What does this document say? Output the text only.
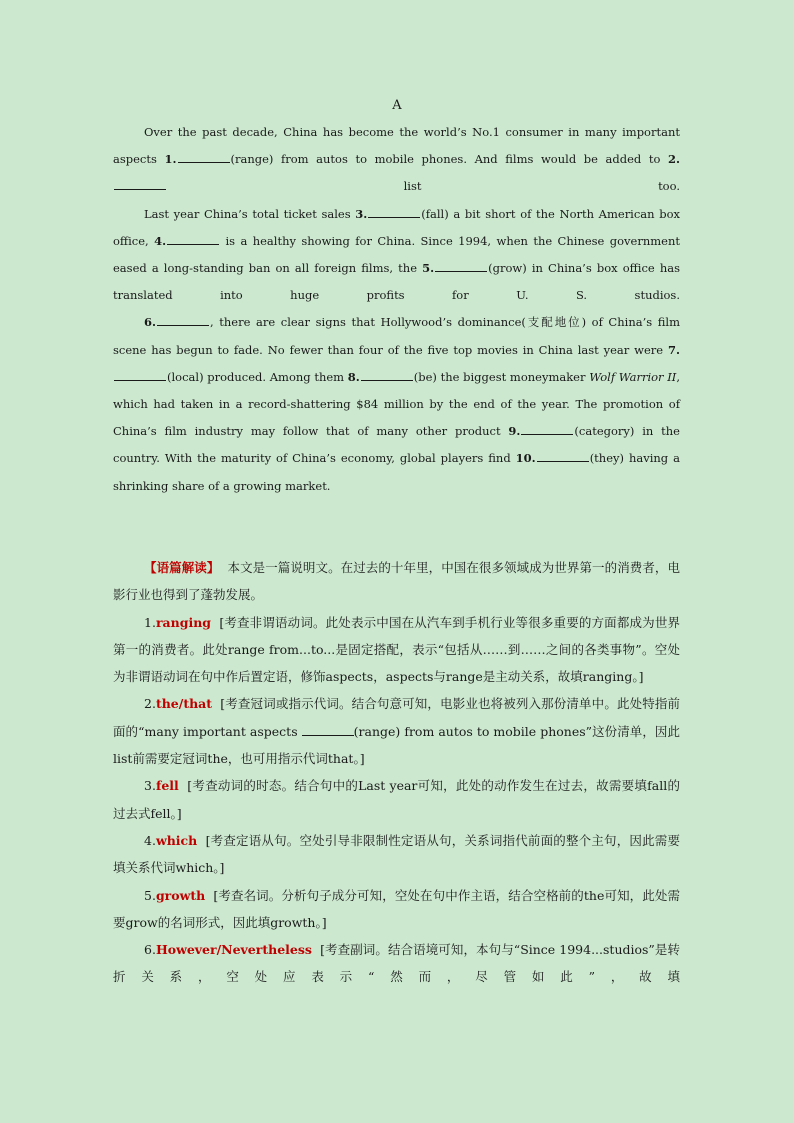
A

Over the past decade, China has become the world’s No.1 consumer in many important aspects 1.	(range) from autos to mobile phones. And films would be added to 2. list too.

Last year China’s total ticket sales 3.	(fall) a bit short of the North American box office, 4.	is a healthy showing for China. Since 1994, when the Chinese government eased a long-standing ban on all foreign films, the 5.	(grow) in China’s box office has translated into huge profits for U. S. studios.

6.	, there are clear signs that Hollywood’s dominance(支配地位) of China’s film scene has begun to fade. No fewer than four of the five top movies in China last year were 7.(local) produced. Among them 8.	(be) the biggest moneymaker Wolf Warrior II, which had taken in a record-shattering $84 million by the end of the year. The promotion of China’s film industry may follow that of many other product 9.	(category) in the country. With the maturity of China’s economy, global players find 10.	(they) having a shrinking share of a growing market.

【语篇解读】 本文是一篇说明文。在过去的十年里，中国在很多领域成为世界第一的消费者，电影行业也得到了蓬勃发展。

1.ranging [考查非谓语动词。此处表示中国在从汽车到手机行业等很多重要的方面都成为世界第一的消费者。此处range from...to...是固定搭配，表示“包括从……到……之间的各类事物”。空处为非谓语动词在句中作后置定语，修饰aspects，aspects与range是主动关系，故填ranging。]

2.the/that [考查冠词或指示代词。结合句意可知，电影业也将被列入那份清单中。此处特指前面的“many important aspects	(range) from autos to mobile phones”这份清单，因此list前需要定冠词the，也可用指示代词that。]

3.fell [考查动词的时态。结合句中的Last year可知，此处的动作发生在过去，故需要填fall的过去式fell。]

4.which [考查定语从句。空处引导非限制性定语从句，关系词指代前面的整个主句，因此需要填关系代词which。]

5.growth [考查名词。分析句子成分可知，空处在句中作主语，结合空格前的the可知，此处需要grow的名词形式，因此填growth。]

6.However/Nevertheless [考查副词。结合语境可知，本句与“Since 1994...studios”是转折关系，空处应表示“然而，尽管如此”，故填
